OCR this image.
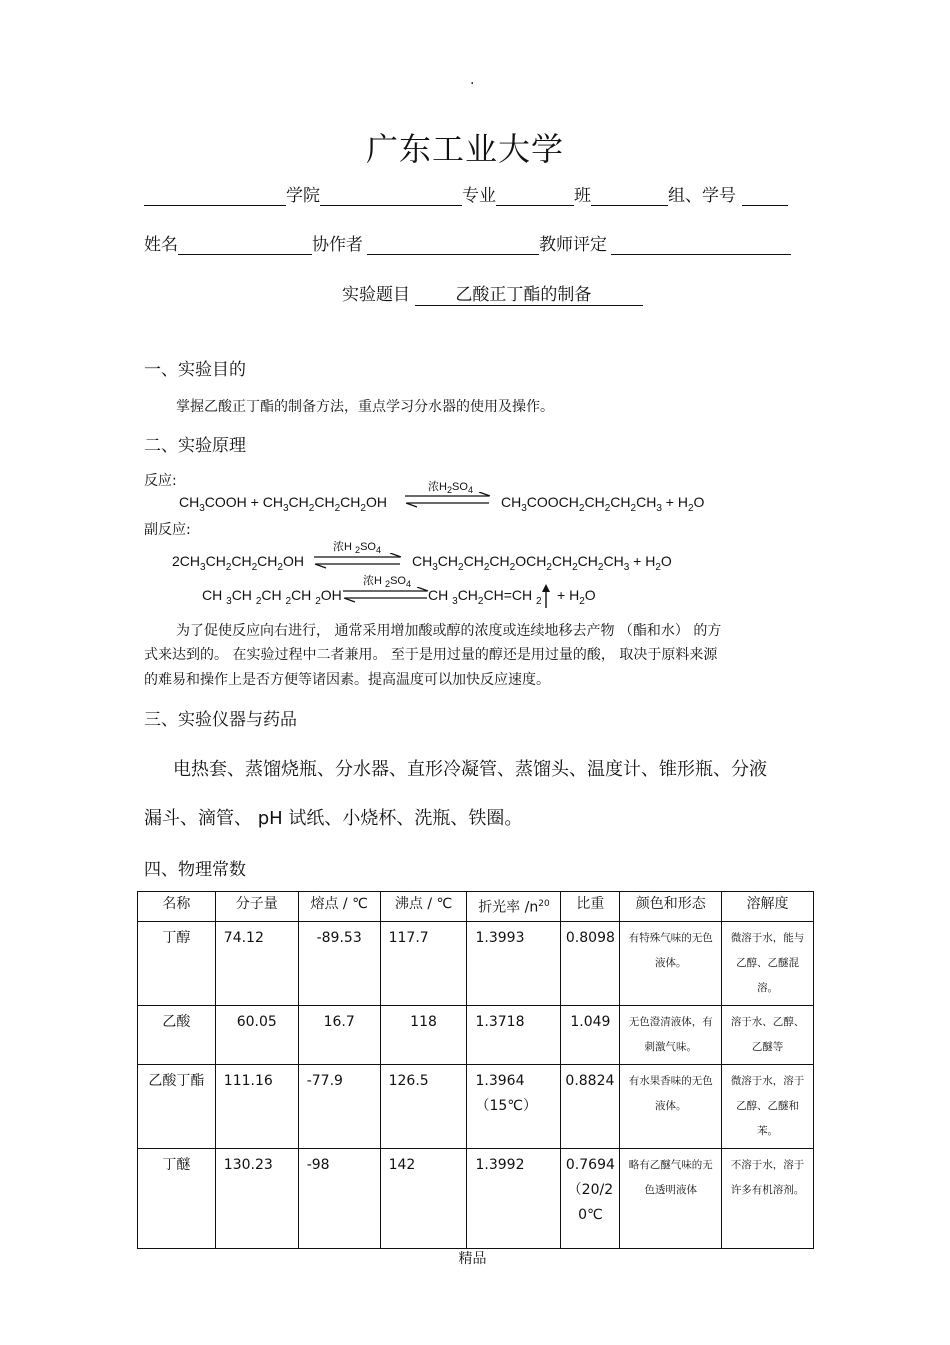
.
广东工业大学
学院	专业	班	组、学号
姓名	协作者	教师评定
实验题目	乙酸正丁酯的制备
一、实验目的
掌握乙酸正丁酯的制备方法，重点学习分水器的使用及操作。
二、实验原理
反应:
$CH_3COOH + CH_3CH_2CH_2CH_2OH$
浓$H_2SO_4$
$CH_3COOCH_2CH_2CH_2CH_3 + H_2O$
副反应:
$2CH_3CH_2CH_2CH_2OH$
浓H $_2SO_4$
$CH_3CH_2CH_2CH_2OCH_2CH_2CH_2CH_3 + H_2O$
CH $_3$CH $_2$CH $_2$CH $_2$OH
浓H $_2SO_4$
CH $_3CH_2CH=CH$ $_2 + H_2O$
为了促使反应向右进行， 通常采用增加酸或醇的浓度或连续地移去产物 （酯和水） 的方
式来达到的。 在实验过程中二者兼用。 至于是用过量的醇还是用过量的酸， 取决于原料来源
的难易和操作上是否方便等诸因素。提高温度可以加快反应速度。
三、实验仪器与药品
电热套、蒸馏烧瓶、分水器、直形冷凝管、蒸馏头、温度计、锥形瓶、分液
漏斗、滴管、 pH 试纸、小烧杯、洗瓶、铁圈。
四、物理常数
名称	分子量	熔点 / ℃	沸点 / ℃	折光率 $/n^{20}$	比重	颜色和形态	溶解度
丁醇	74.12	-89.53	117.7	1.3993	0.8098	有特殊气味的无色液体。	微溶于水，能与乙醇、乙醚混溶。
乙酸	60.05	16.7	118	1.3718	1.049	无色澄清液体，有刺激气味。	溶于水、乙醇、乙醚等
乙酸丁酯	111.16	-77.9	126.5	1.3964（15℃）	0.8824	有水果香味的无色液体。	微溶于水，溶于乙醇、乙醚和苯。
丁醚	130.23	-98	142	1.3992	0.7694（20/20℃	略有乙醚气味的无色透明液体	不溶于水，溶于许多有机溶剂。
精品
